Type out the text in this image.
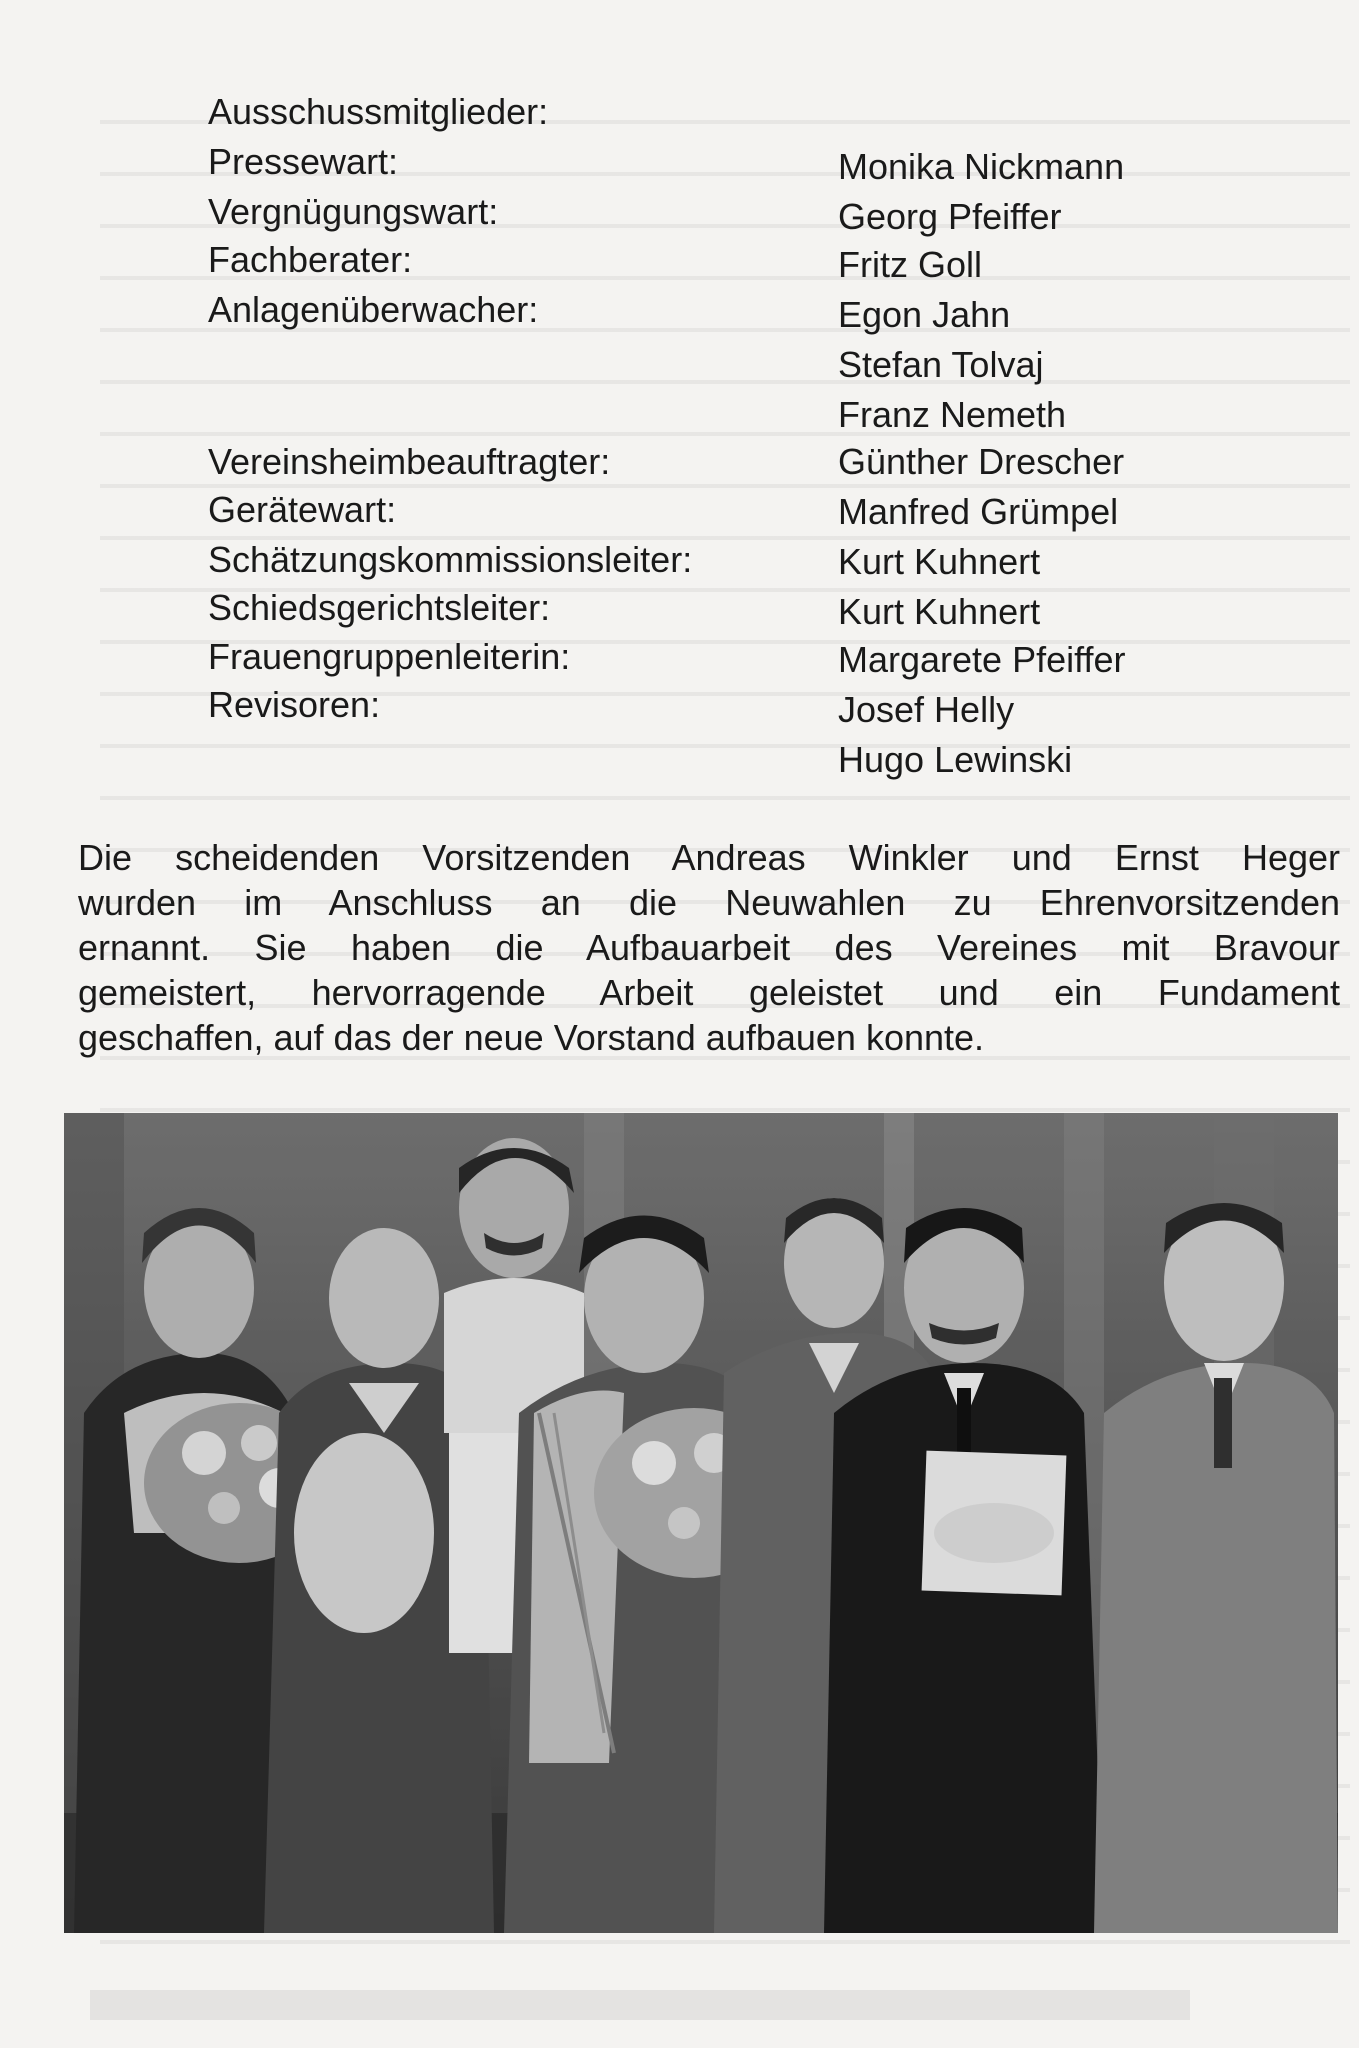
Ausschussmitglieder:
Pressewart:	Monika Nickmann
Vergnügungswart:	Georg Pfeiffer
Fachberater:	Fritz Goll
Anlagenüberwacher:	Egon Jahn
Stefan Tolvaj
Franz Nemeth
Vereinsheimbeauftragter:	Günther Drescher
Gerätewart:	Manfred Grümpel
Schätzungskommissionsleiter:	Kurt Kuhnert
Schiedsgerichtsleiter:	Kurt Kuhnert
Frauengruppenleiterin:	Margarete Pfeiffer
Revisoren:	Josef Helly
Hugo Lewinski
Die scheidenden Vorsitzenden Andreas Winkler und Ernst Heger
wurden im Anschluss an die Neuwahlen zu Ehrenvorsitzenden
ernannt. Sie haben die Aufbauarbeit des Vereines mit Bravour
gemeistert, hervorragende Arbeit geleistet und ein Fundament
geschaffen, auf das der neue Vorstand aufbauen konnte.
